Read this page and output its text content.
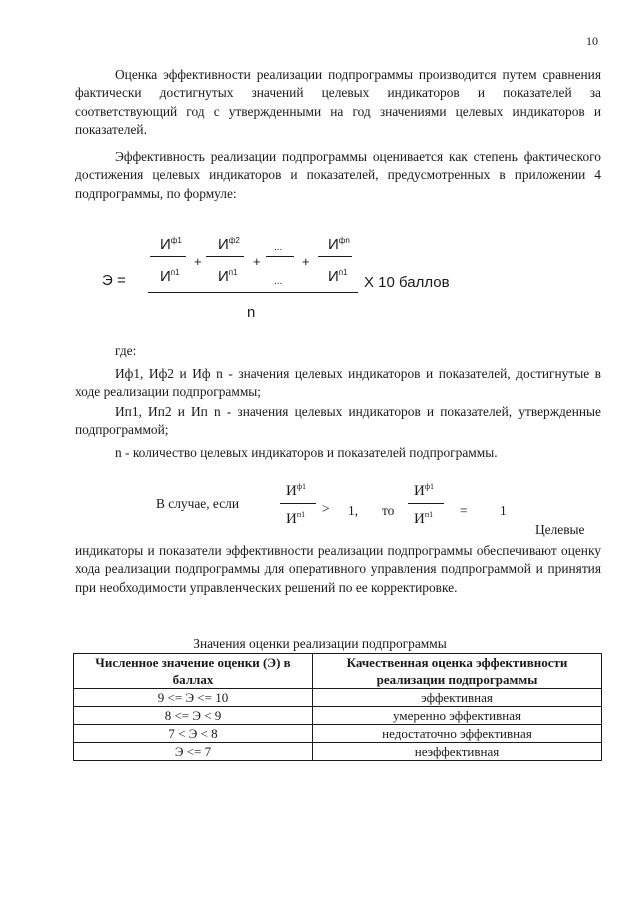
10

Оценка эффективности реализации подпрограммы производится путем сравнения фактически достигнутых значений целевых индикаторов и показателей за соответствующий год с утвержденными на год значениями целевых индикаторов и показателей.

Эффективность реализации подпрограммы оценивается как степень фактического достижения целевых индикаторов и показателей, предусмотренных в приложении 4 подпрограммы, по формуле:

$И^{ф1}$ $И^{ф2}$
...	$И^{фn}$
+	+	+
$Э = И^{п1}$	$И^{п1}$
...	$И^{п1}$
X 10 баллов
n
где:

Иф1, Иф2 и Иф n - значения целевых индикаторов и показателей, достигнутые в ходе реализации подпрограммы;

Ип1, Ип2 и Ип n - значения целевых индикаторов и показателей, утвержденные подпрограммой;

n - количество целевых индикаторов и показателей подпрограммы.

В случае, если
$И^{ф1}$
$И^{п1} > 1$, то
$И^{ф1}$
$И^{п1} = 1$
Целевые

индикаторы и показатели эффективности реализации подпрограммы обеспечивают оценку хода реализации подпрограммы для оперативного управления подпрограммой и принятия при необходимости управленческих решений по ее корректировке.

Значения оценки реализации подпрограммы
Численное значение оценки (Э) в баллах	Качественная оценка эффективности реализации подпрограммы
9 <= Э <= 10	эффективная
8 <= Э < 9	умеренно эффективная
7 < Э < 8	недостаточно эффективная
Э <= 7	неэффективная
